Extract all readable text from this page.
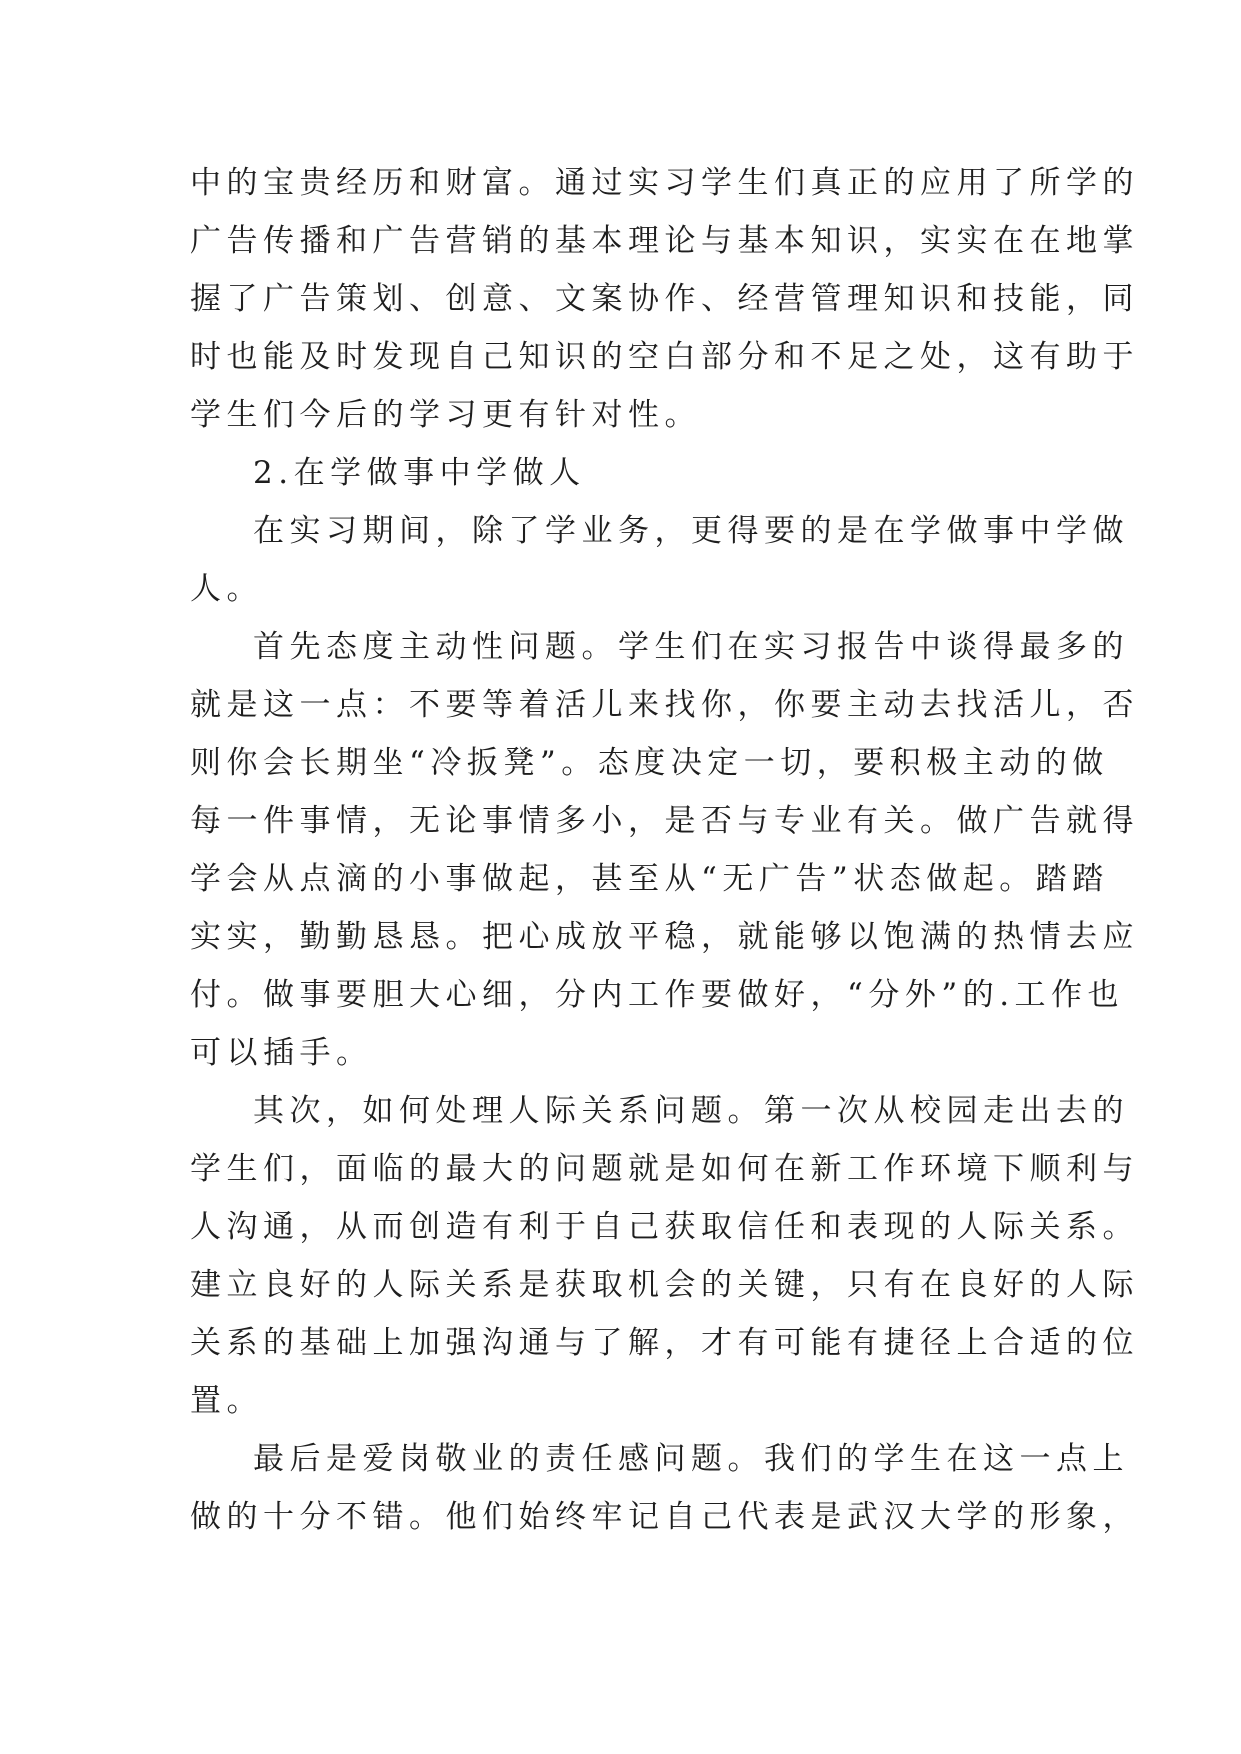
中的宝贵经历和财富。通过实习学生们真正的应用了所学的
广告传播和广告营销的基本理论与基本知识，实实在在地掌
握了广告策划、创意、文案协作、经营管理知识和技能，同
时也能及时发现自己知识的空白部分和不足之处，这有助于
学生们今后的学习更有针对性。
2.在学做事中学做人
在实习期间，除了学业务，更得要的是在学做事中学做
人。
首先态度主动性问题。学生们在实习报告中谈得最多的
就是这一点：不要等着活儿来找你，你要主动去找活儿，否
则你会长期坐“冷扳凳”。态度决定一切，要积极主动的做
每一件事情，无论事情多小，是否与专业有关。做广告就得
学会从点滴的小事做起，甚至从“无广告”状态做起。踏踏
实实，勤勤恳恳。把心成放平稳，就能够以饱满的热情去应
付。做事要胆大心细，分内工作要做好，“分外”的.工作也
可以插手。
其次，如何处理人际关系问题。第一次从校园走出去的
学生们，面临的最大的问题就是如何在新工作环境下顺利与
人沟通，从而创造有利于自己获取信任和表现的人际关系。
建立良好的人际关系是获取机会的关键，只有在良好的人际
关系的基础上加强沟通与了解，才有可能有捷径上合适的位
置。
最后是爱岗敬业的责任感问题。我们的学生在这一点上
做的十分不错。他们始终牢记自己代表是武汉大学的形象，
